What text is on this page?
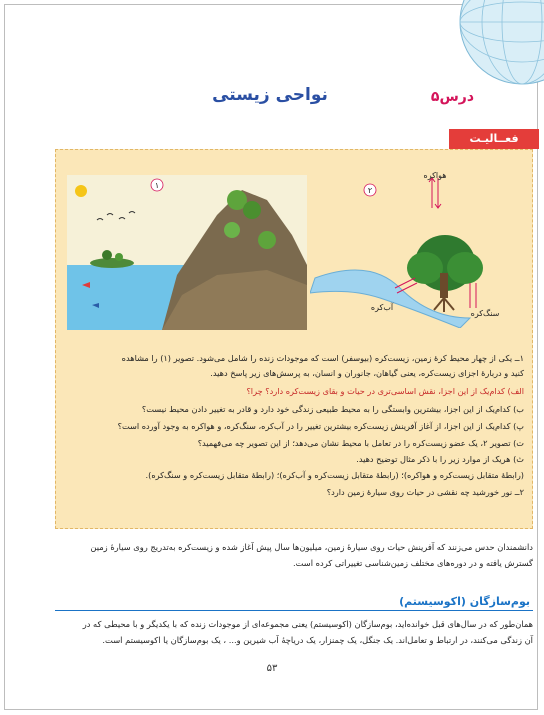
درس۵
نواحی زیستی
فعــالیـت
۱
۲
هواکره
آب‌کره
سنگ‌کره
۱ــ یکی از چهار محیط کرهٔ زمین، زیست‌کره (بیوسفر) است که موجودات زنده را شامل می‌شود. تصویر (۱) را مشاهده
کنید و دربارهٔ اجزای زیست‌کره، یعنی گیاهان، جانوران و انسان، به پرسش‌های زیر پاسخ دهید.
الف) کدام‌یک از این اجزا، نقش اساسی‌تری در حیات و بقای زیست‌کره دارد؟ چرا؟
ب) کدام‌یک از این اجزا، بیشترین وابستگی را به محیط طبیعی زندگی خود دارد و قادر به تغییر دادن محیط نیست؟
پ) کدام‌یک از این اجزا، از آغاز آفرینش زیست‌کره بیشترین تغییر را در آب‌کره، سنگ‌کره، و هواکره به وجود آورده است؟
ت) تصویر ۲، یک عضو زیست‌کره را در تعامل با محیط نشان می‌دهد؛ از این تصویر چه می‌فهمید؟
ث) هریک از موارد زیر را با ذکر مثال توضیح دهید.
(رابطهٔ متقابل زیست‌کره و هواکره)؛ (رابطهٔ متقابل زیست‌کره و آب‌کره)؛ (رابطهٔ متقابل زیست‌کره و سنگ‌کره).
۲ــ نور خورشید چه نقشی در حیات روی سیارهٔ زمین دارد؟
دانشمندان حدس می‌زنند که آفرینش حیات روی سیارهٔ زمین، میلیون‌ها سال پیش آغاز شده و زیست‌کره به‌تدریج روی سیارهٔ زمین
گسترش یافته و در دوره‌های مختلف زمین‌شناسی تغییراتی کرده است.
بوم‌سازگان (اکوسیستم)
همان‌طور که در سال‌های قبل خوانده‌اید، بوم‌سازگان (اکوسیستم) یعنی مجموعه‌ای از موجودات زنده که با یکدیگر و با محیطی که در
آن زندگی می‌کنند، در ارتباط و تعامل‌اند. یک جنگل، یک چمنزار، یک دریاچهٔ آب شیرین و... ، یک بوم‌سازگان یا اکوسیستم است.
۵۳
